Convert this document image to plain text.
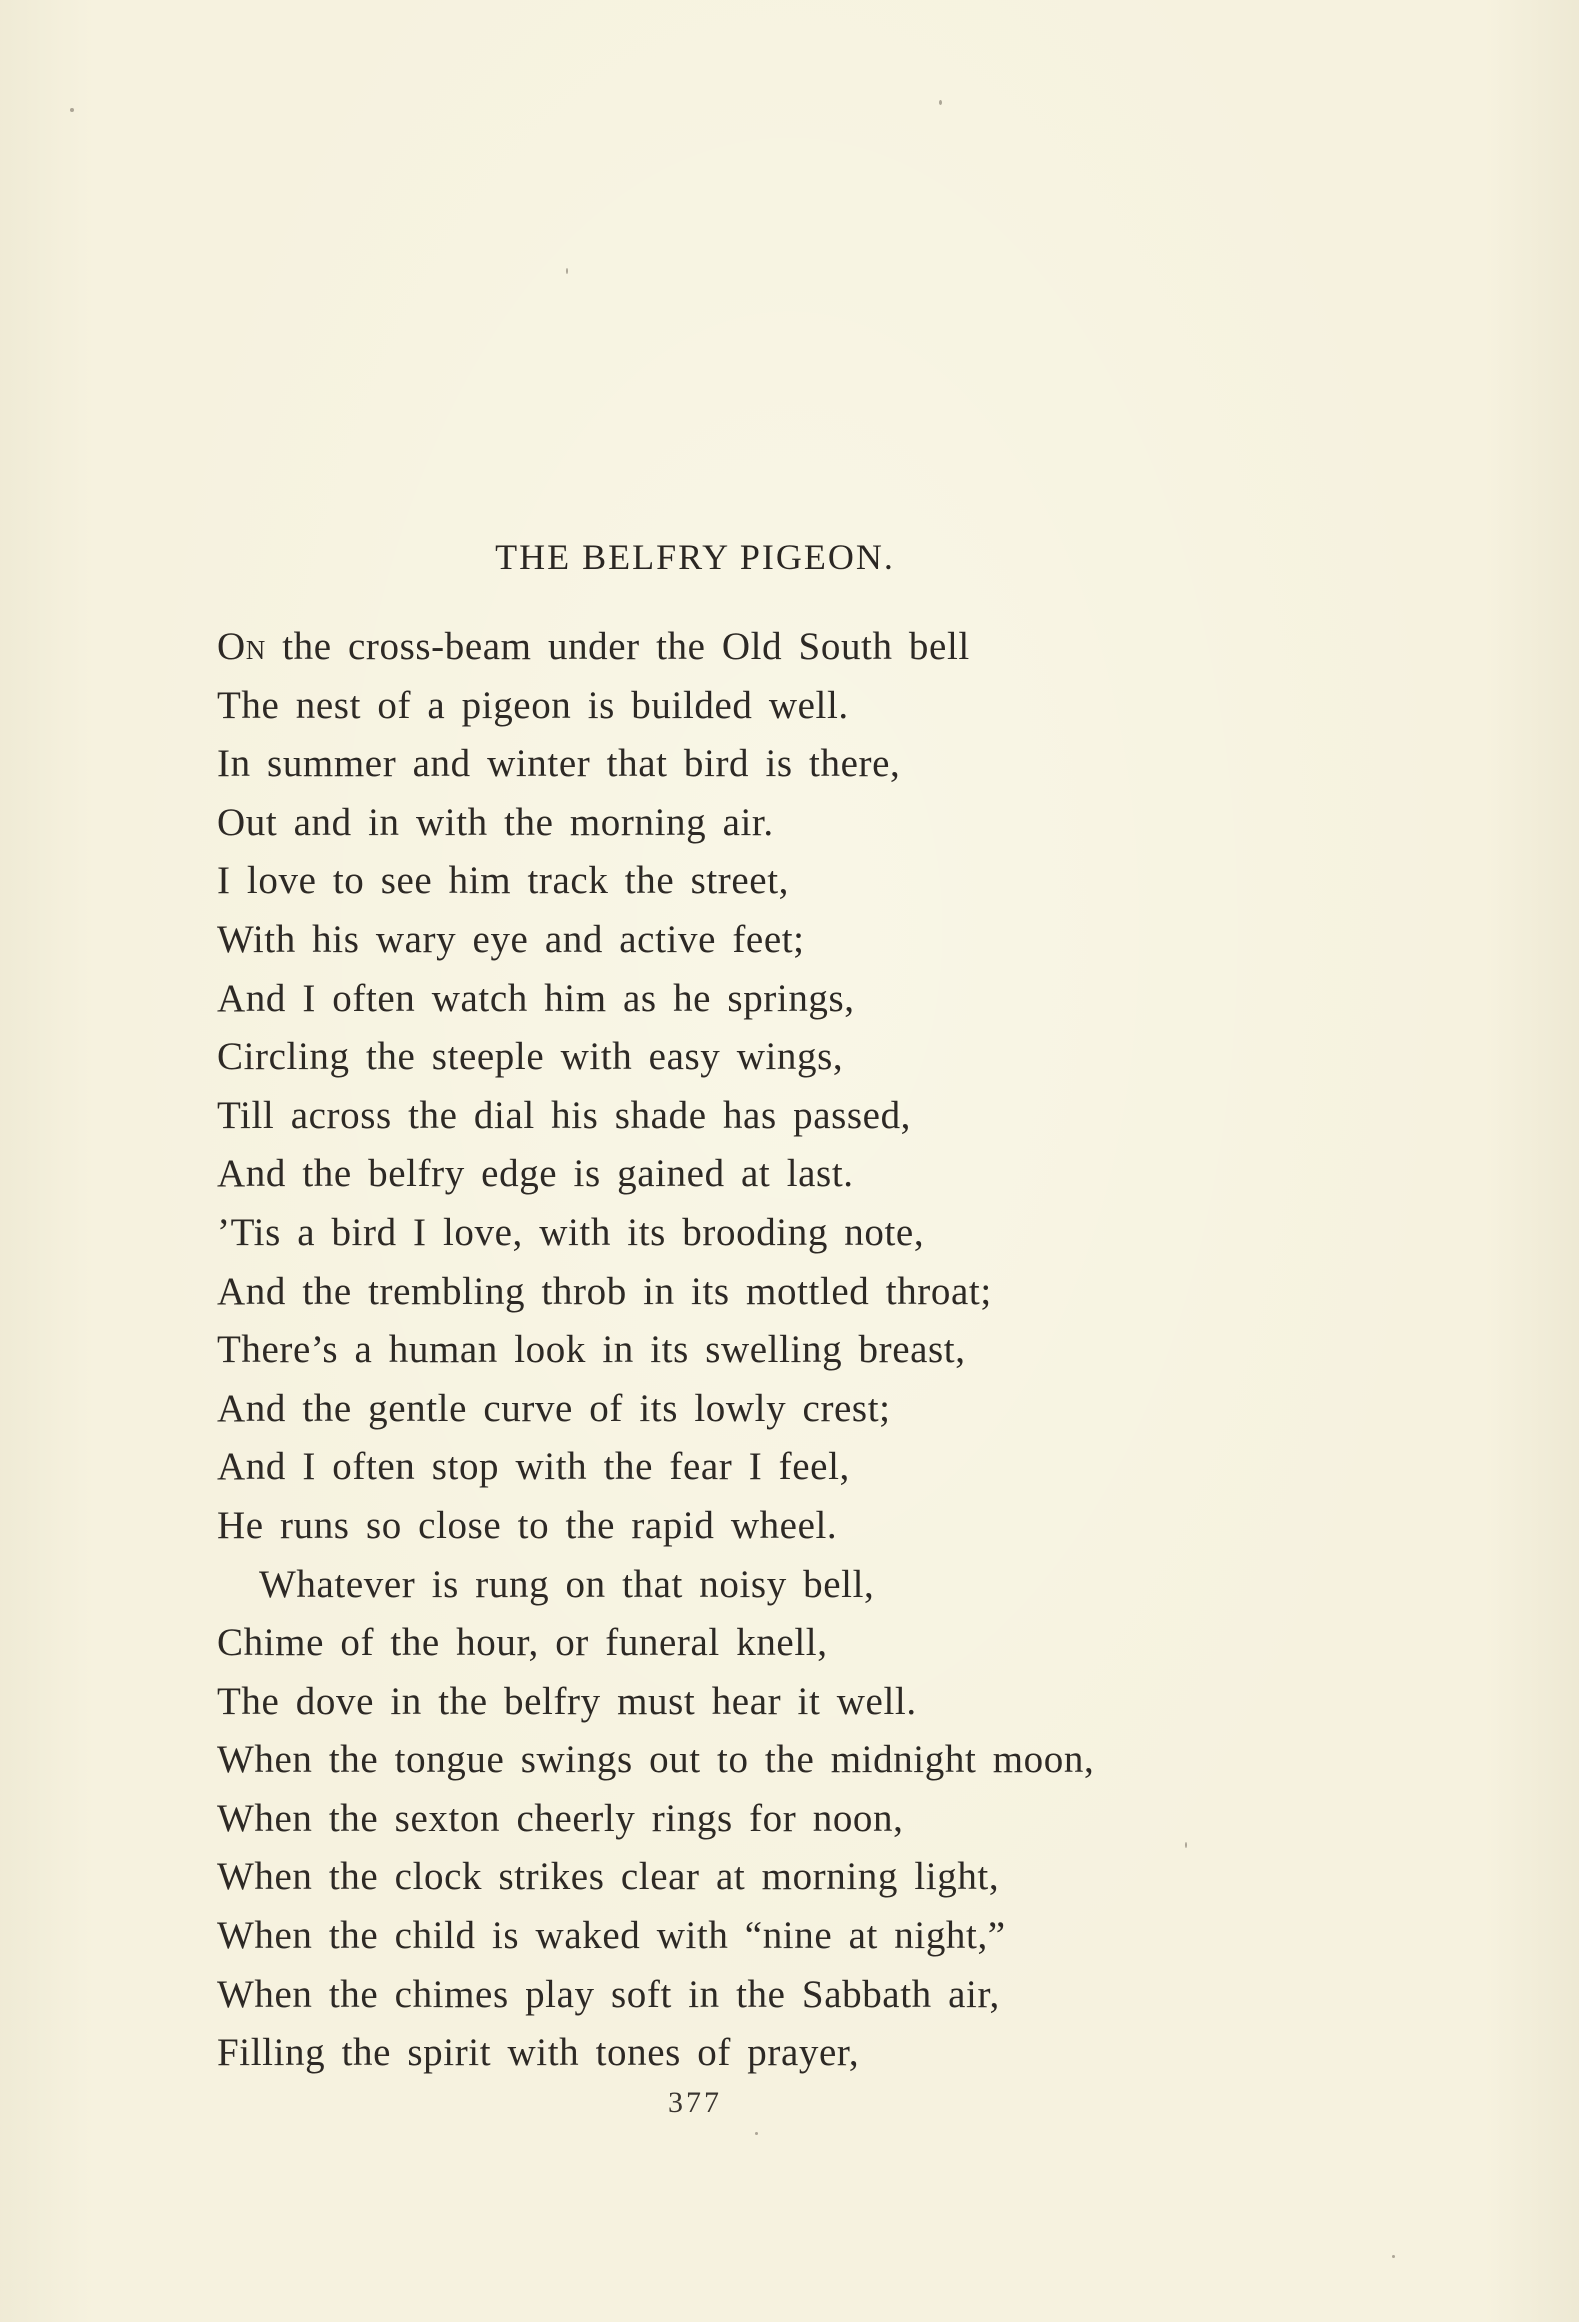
THE BELFRY PIGEON.
On the cross-beam under the Old South bell
The nest of a pigeon is builded well.
In summer and winter that bird is there,
Out and in with the morning air.
I love to see him track the street,
With his wary eye and active feet;
And I often watch him as he springs,
Circling the steeple with easy wings,
Till across the dial his shade has passed,
And the belfry edge is gained at last.
’Tis a bird I love, with its brooding note,
And the trembling throb in its mottled throat;
There’s a human look in its swelling breast,
And the gentle curve of its lowly crest;
And I often stop with the fear I feel,
He runs so close to the rapid wheel.
Whatever is rung on that noisy bell,
Chime of the hour, or funeral knell,
The dove in the belfry must hear it well.
When the tongue swings out to the midnight moon,
When the sexton cheerly rings for noon,
When the clock strikes clear at morning light,
When the child is waked with “nine at night,”
When the chimes play soft in the Sabbath air,
Filling the spirit with tones of prayer,
377
